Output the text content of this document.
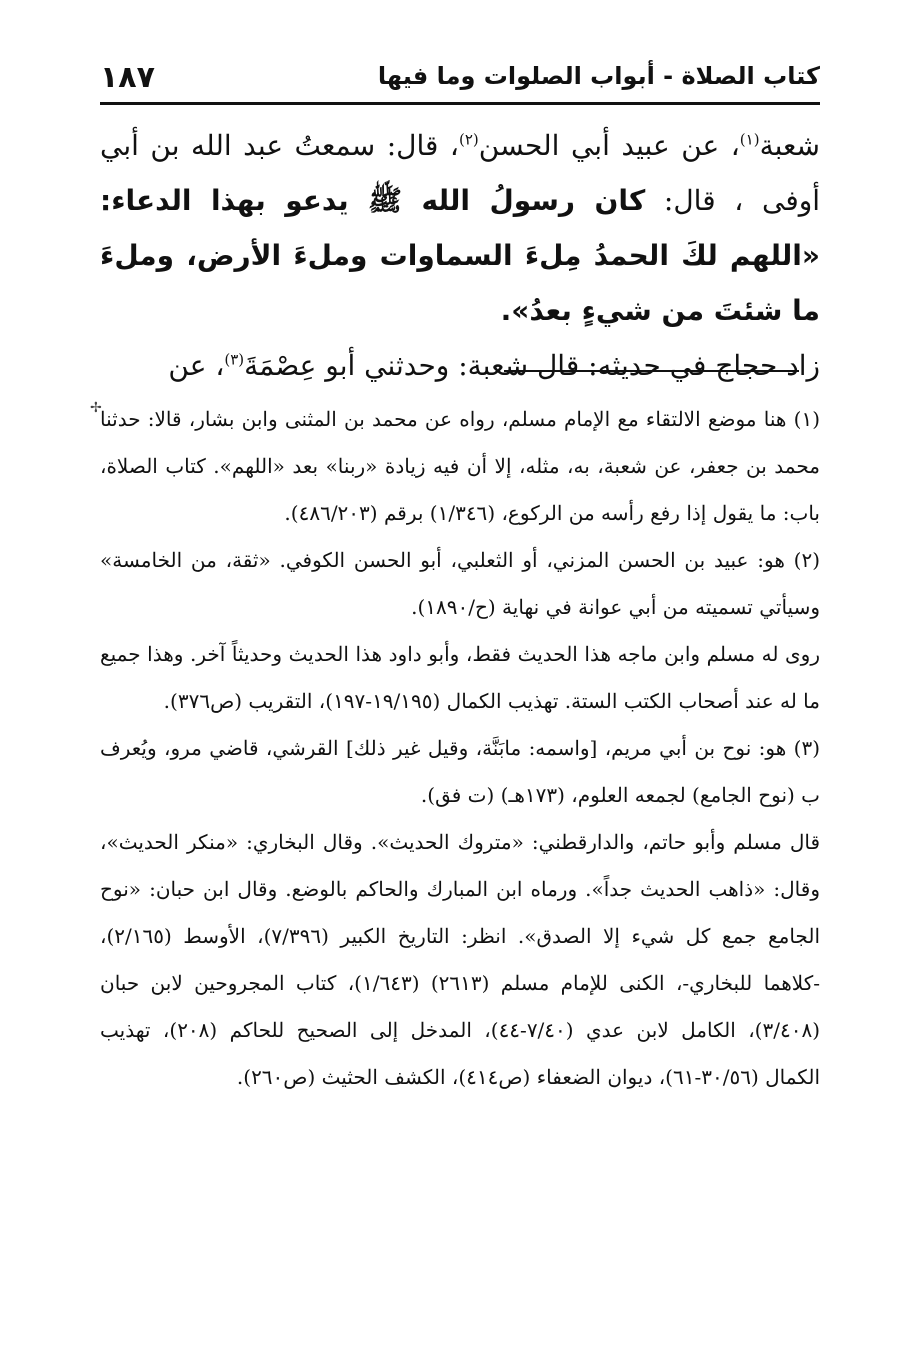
كتاب الصلاة - أبواب الصلوات وما فيها
١٨٧

شعبة$^{(١)}$، عن عبيد أبي الحسن$^{(٢)}$، قال: سمعتُ عبد الله بن أبي أوفى ، قال: كان رسولُ الله ﷺ يدعو بهذا الدعاء: «اللهم لكَ الحمدُ مِلءَ السماوات وملءَ الأرض، وملءَ ما شئتَ من شيءٍ بعدُ».

زاد حجاج في حديثه: قال شعبة: وحدثني أبو عِصْمَةَ$^{(٣)}$، عن

✢

(١) هنا موضع الالتقاء مع الإمام مسلم، رواه عن محمد بن المثنى وابن بشار، قالا: حدثنا محمد بن جعفر، عن شعبة، به، مثله، إلا أن فيه زيادة «ربنا» بعد «اللهم». كتاب الصلاة، باب: ما يقول إذا رفع رأسه من الركوع، (١/٣٤٦) برقم (٤٨٦/٢٠٣).

(٢) هو: عبيد بن الحسن المزني، أو الثعلبي، أبو الحسن الكوفي. «ثقة، من الخامسة» وسيأتي تسميته من أبي عوانة في نهاية (ح/١٨٩٠).

روى له مسلم وابن ماجه هذا الحديث فقط، وأبو داود هذا الحديث وحديثاً آخر. وهذا جميع ما له عند أصحاب الكتب الستة. تهذيب الكمال (١٩/١٩٥-١٩٧)، التقريب (ص٣٧٦).

(٣) هو: نوح بن أبي مريم، [واسمه: مابَنَّة، وقيل غير ذلك] القرشي، قاضي مرو، ويُعرف ب (نوح الجامع) لجمعه العلوم، (١٧٣هـ) (ت فق).

قال مسلم وأبو حاتم، والدارقطني: «متروك الحديث». وقال البخاري: «منكر الحديث»، وقال: «ذاهب الحديث جداً». ورماه ابن المبارك والحاكم بالوضع. وقال ابن حبان: «نوح الجامع جمع كل شيء إلا الصدق». انظر: التاريخ الكبير (٧/٣٩٦)، الأوسط (٢/١٦٥)، -كلاهما للبخاري-، الكنى للإمام مسلم (٢٦١٣) (١/٦٤٣)، كتاب المجروحين لابن حبان (٣/٤٠٨)، الكامل لابن عدي (٧/٤٠-٤٤)، المدخل إلى الصحيح للحاكم (٢٠٨)، تهذيب الكمال (٣٠/٥٦-٦١)، ديوان الضعفاء (ص٤١٤)، الكشف الحثيث (ص٢٦٠).
